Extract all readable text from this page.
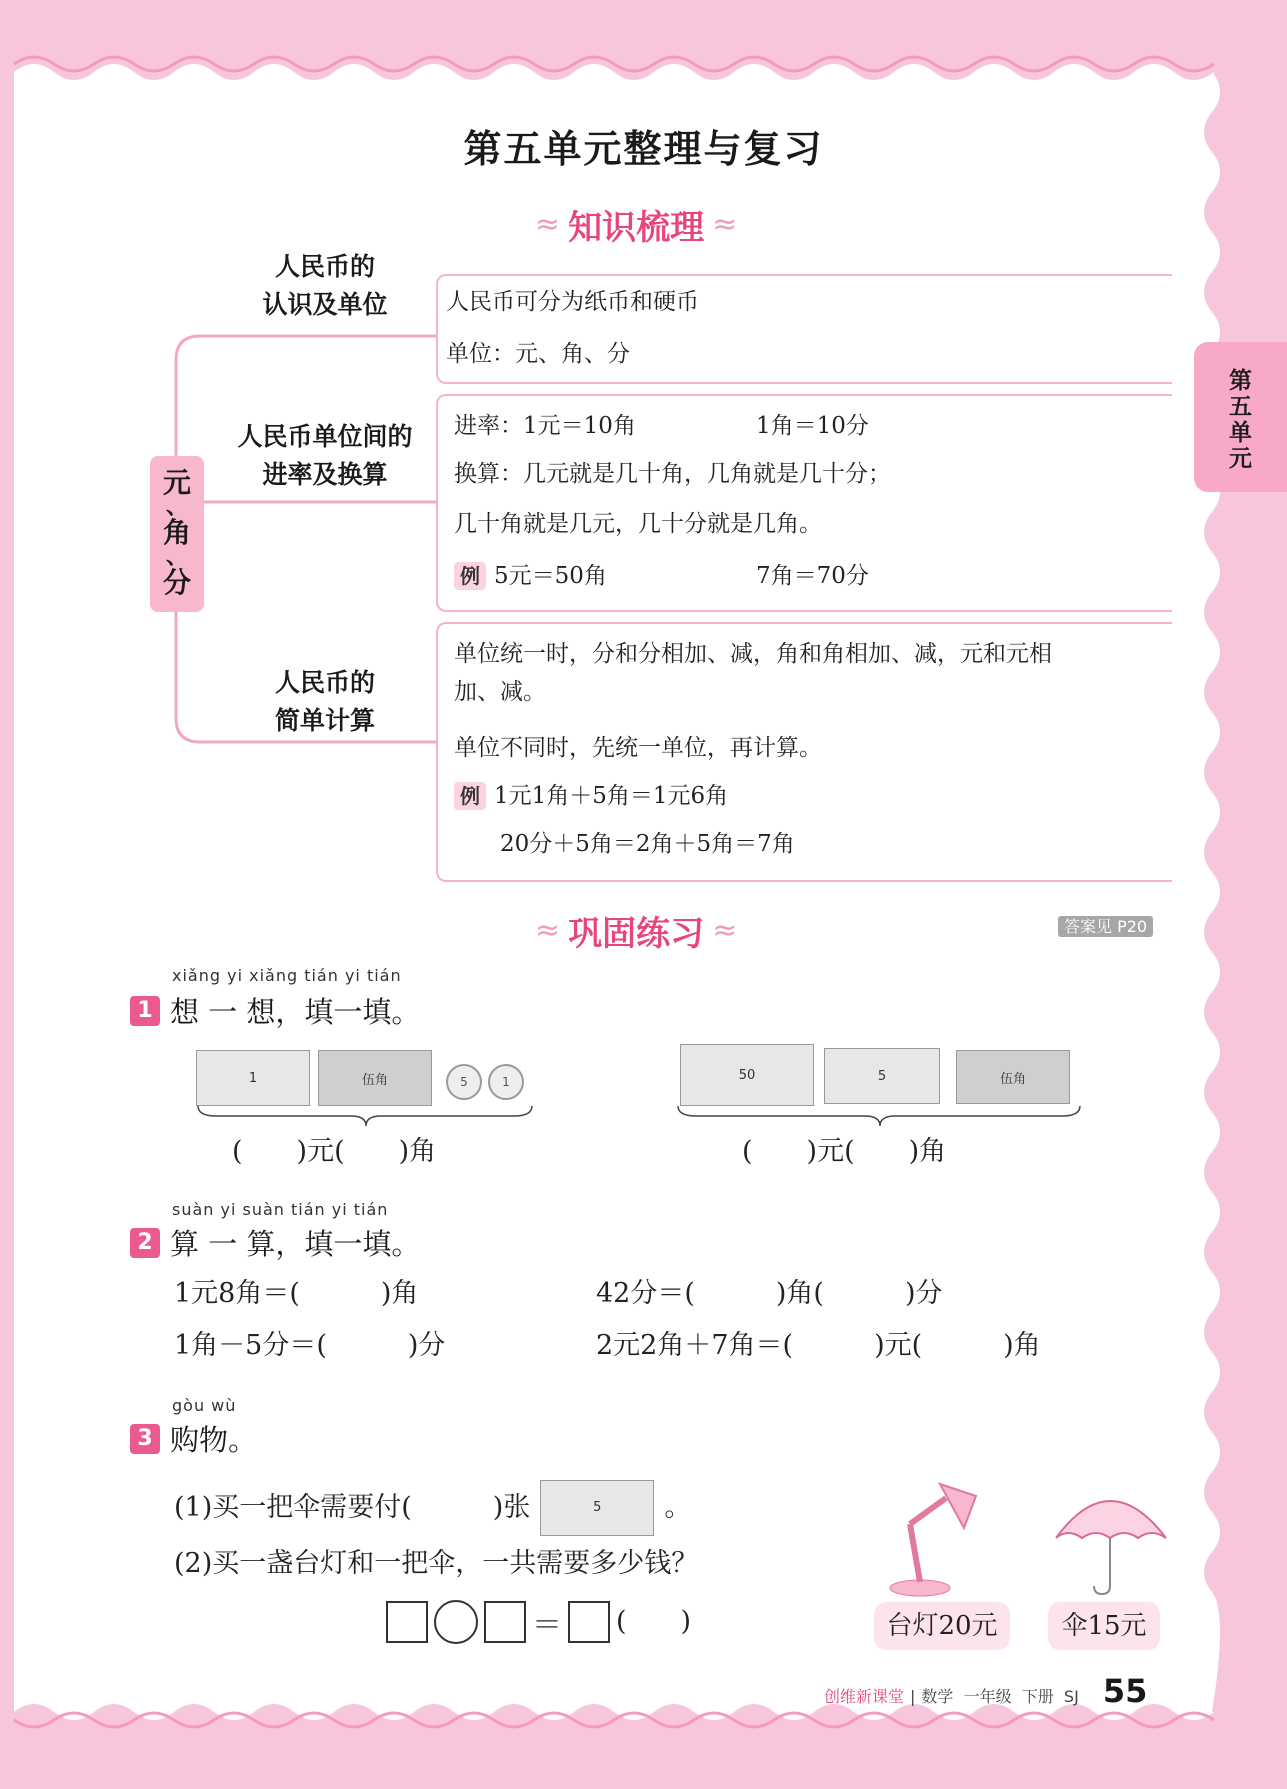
第五单元整理与复习
≈ 知识梳理 ≈
第
五
单
元
元
、
角
、
分
人民币的
认识及单位	人民币可分为纸币和硬币
单位：元、角、分
人民币单位间的
进率及换算
进率：1元＝10角	1角＝10分
换算：几元就是几十角，几角就是几十分；
几十角就是几元，几十分就是几角。
例 5元＝50角	7角＝70分
人民币的
简单计算
单位统一时，分和分相加、减，角和角相加、减，元和元相
加、减。
单位不同时，先统一单位，再计算。
例 1元1角＋5角＝1元6角
20分＋5角＝2角＋5角＝7角
≈ 巩固练习 ≈	答案见 P20
xiǎng yi xiǎng tián yi tián
1 想 一 想，填一填。
1	伍角	5	1
(　　)元(　　)角
50	5	伍角
(　　)元(　　)角
suàn yi suàn tián yi tián
2 算 一 算，填一填。
1元8角＝(　　　)角	42分＝(　　　)角(　　　)分
1角－5分＝(　　　)分	2元2角＋7角＝(　　　)元(　　　)角
gòu wù
3 购物。
(1)买一把伞需要付(　　　)张	5	。
(2)买一盏台灯和一把伞，一共需要多少钱？
＝ (　　)	台灯20元	伞15元
创维新课堂 | 数学  一年级  下册  SJ 55
